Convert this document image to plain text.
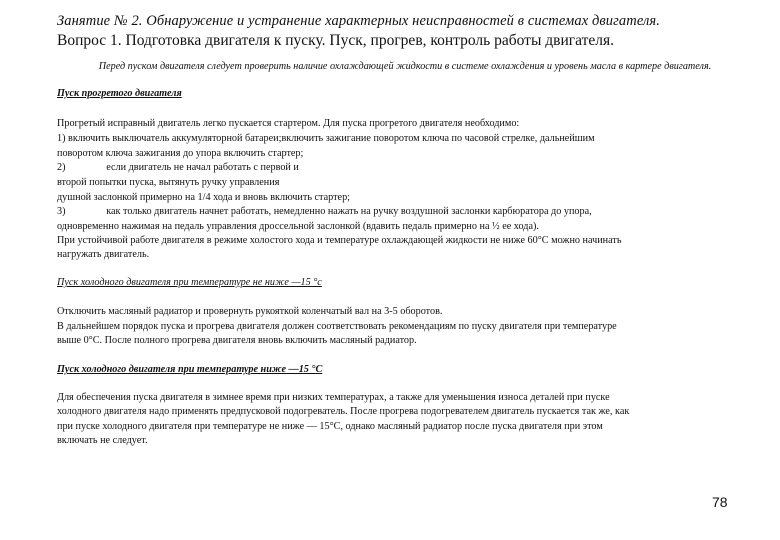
Занятие № 2. Обнаружение и устранение характерных неисправностей в системах двигателя.
Вопрос 1. Подготовка двигателя к пуску. Пуск, прогрев, контроль работы двигателя.
Перед пуском двигателя следует проверить наличие охлаждающей жидкости в системе охлаждения и уровень масла в картере двигателя.
Пуск прогретого двигателя
Прогретый исправный двигатель легко пускается стартером. Для пуска прогретого двигателя необходимо:
1) включить выключатель аккумуляторной батареи;включить зажигание поворотом ключа по часовой стрелке, дальнейшим
поворотом ключа зажигания до упора включить стартер;
2)                если двигатель не начал работать с первой и
второй попытки пуска, вытянуть ручку управления
душной заслонкой примерно на 1/4 хода и вновь включить стартер;
3)                как только двигатель начнет работать, немедленно нажать на ручку воздушной заслонки карбюратора до упора,
одновременно нажимая на педаль управления дроссельной заслонкой (вдавить педаль примерно на ½ ее хода).
При устойчивой работе двигателя в режиме холостого хода и температуре охлаждающей жидкости не ниже 60°С можно начинать
нагружать двигатель.
Пуск холодного двигателя при температуре не ниже —15 °с
Отключить масляный радиатор и провернуть рукояткой коленчатый вал на 3-5 оборотов.
В дальнейшем порядок пуска и прогрева двигателя должен соответствовать рекомендациям по пуску двигателя при температуре
выше 0°С. После полного прогрева двигателя вновь включить масляный радиатор.
Пуск холодного двигателя при температуре ниже —15 °С
Для обеспечения пуска двигателя в зимнее время при низких температурах, а также для уменьшения износа деталей при пуске
холодного двигателя надо применять предпусковой подогреватель. После прогрева подогревателем двигатель пускается так же, как
при пуске холодного двигателя при температуре не ниже — 15°С, однако масляный радиатор после пуска двигателя при этом
включать не следует.
78
